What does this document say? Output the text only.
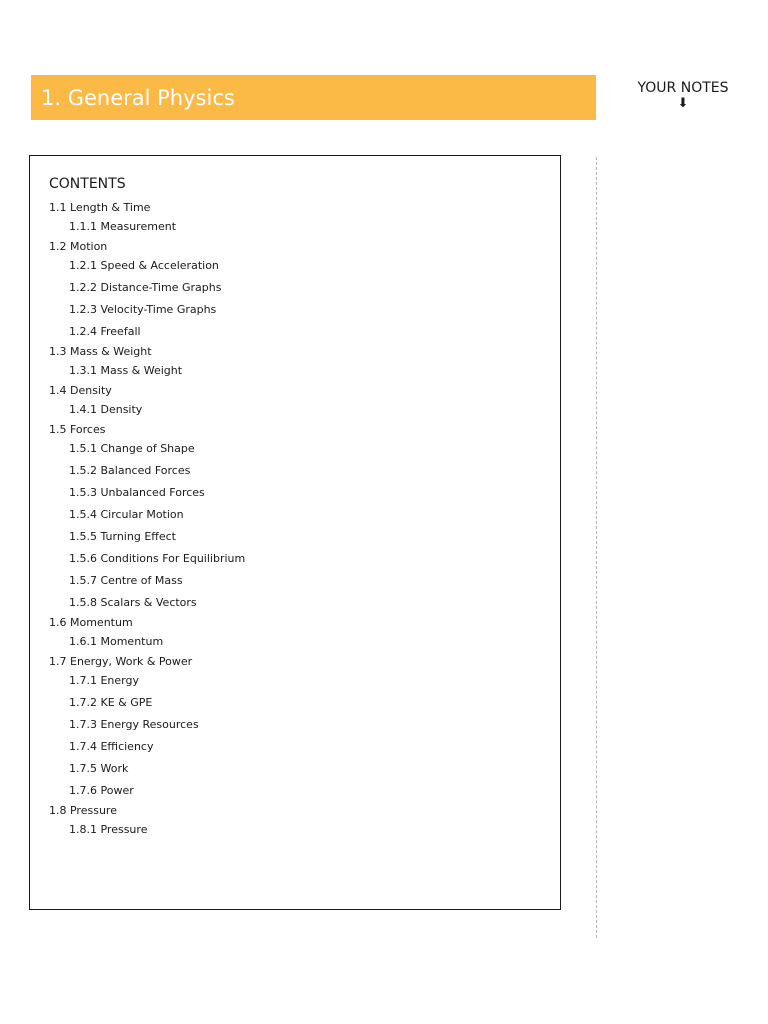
1. General Physics	YOUR NOTES
⬇
CONTENTS
1.1 Length & Time
1.1.1 Measurement
1.2 Motion
1.2.1 Speed & Acceleration
1.2.2 Distance-Time Graphs
1.2.3 Velocity-Time Graphs
1.2.4 Freefall
1.3 Mass & Weight
1.3.1 Mass & Weight
1.4 Density
1.4.1 Density
1.5 Forces
1.5.1 Change of Shape
1.5.2 Balanced Forces
1.5.3 Unbalanced Forces
1.5.4 Circular Motion
1.5.5 Turning Effect
1.5.6 Conditions For Equilibrium
1.5.7 Centre of Mass
1.5.8 Scalars & Vectors
1.6 Momentum
1.6.1 Momentum
1.7 Energy, Work & Power
1.7.1 Energy
1.7.2 KE & GPE
1.7.3 Energy Resources
1.7.4 Efficiency
1.7.5 Work
1.7.6 Power
1.8 Pressure
1.8.1 Pressure
